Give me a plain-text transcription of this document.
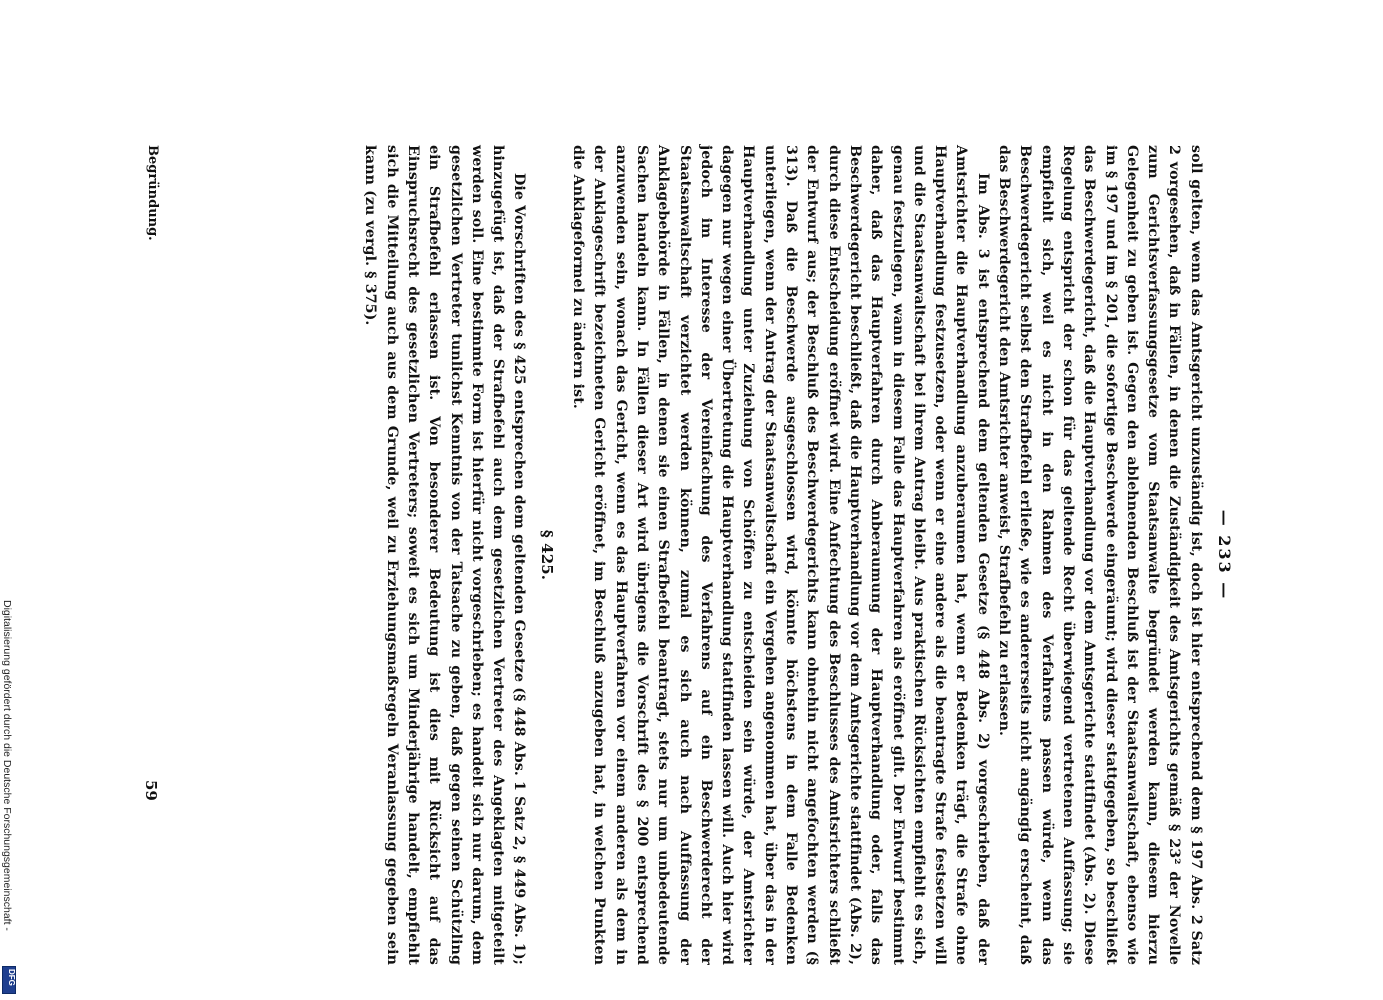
Digitalisierung gefördert durch die Deutsche Forschungsgemeinschaft -
DFG
— 233 —

soll gelten, wenn das Amtsgericht unzuständig ist, doch ist hier entsprechend dem § 197 Abs. 2 Satz 2 vorgesehen, daß in Fällen, in denen die Zuständigkeit des Amtsgerichts gemäß § 23² der Novelle zum Gerichtsverfassungsgesetze vom Staatsanwalte begründet werden kann, diesem hierzu Gelegenheit zu geben ist. Gegen den ablehnenden Beschluß ist der Staatsanwaltschaft, ebenso wie im § 197 und im § 201, die sofortige Beschwerde eingeräumt; wird dieser stattgegeben, so beschließt das Beschwerdegericht, daß die Hauptverhandlung vor dem Amtsgerichte stattfindet (Abs. 2). Diese Regelung entspricht der schon für das geltende Recht überwiegend vertretenen Auffassung; sie empfiehlt sich, weil es nicht in den Rahmen des Verfahrens passen würde, wenn das Beschwerdegericht selbst den Strafbefehl erließe, wie es andererseits nicht angängig erscheint, daß das Beschwerdegericht den Amtsrichter anweist, Strafbefehl zu erlassen.

Im Abs. 3 ist entsprechend dem geltenden Gesetze (§ 448 Abs. 2) vorgeschrieben, daß der Amtsrichter die Hauptverhandlung anzuberaumen hat, wenn er Bedenken trägt, die Strafe ohne Hauptverhandlung festzusetzen, oder wenn er eine andere als die beantragte Strafe festsetzen will und die Staatsanwaltschaft bei ihrem Antrag bleibt. Aus praktischen Rücksichten empfiehlt es sich, genau festzulegen, wann in diesem Falle das Hauptverfahren als eröffnet gilt. Der Entwurf bestimmt daher, daß das Hauptverfahren durch Anberaumung der Hauptverhandlung oder, falls das Beschwerdegericht beschließt, daß die Hauptverhandlung vor dem Amtsgerichte stattfindet (Abs. 2), durch diese Entscheidung eröffnet wird. Eine Anfechtung des Beschlusses des Amtsrichters schließt der Entwurf aus; der Beschluß des Beschwerdegerichts kann ohnehin nicht angefochten werden (§ 313). Daß die Beschwerde ausgeschlossen wird, könnte höchstens in dem Falle Bedenken unterliegen, wenn der Antrag der Staatsanwaltschaft ein Vergehen angenommen hat, über das in der Hauptverhandlung unter Zuziehung von Schöffen zu entscheiden sein würde, der Amtsrichter dagegen nur wegen einer Übertretung die Hauptverhandlung stattfinden lassen will. Auch hier wird jedoch im Interesse der Vereinfachung des Verfahrens auf ein Beschwerderecht der Staatsanwaltschaft verzichtet werden können, zumal es sich auch nach Auffassung der Anklagebehörde in Fällen, in denen sie einen Strafbefehl beantragt, stets nur um unbedeutende Sachen handeln kann. In Fällen dieser Art wird übrigens die Vorschrift des § 200 entsprechend anzuwenden sein, wonach das Gericht, wenn es das Hauptverfahren vor einem anderen als dem in der Anklageschrift bezeichneten Gericht eröffnet, im Beschluß anzugeben hat, in welchen Punkten die Anklageformel zu ändern ist.

§ 425.

Die Vorschriften des § 425 entsprechen dem geltenden Gesetze (§ 448 Abs. 1 Satz 2, § 449 Abs. 1); hinzugefügt ist, daß der Strafbefehl auch dem gesetzlichen Vertreter des Angeklagten mitgeteilt werden soll. Eine bestimmte Form ist hierfür nicht vorgeschrieben; es handelt sich nur darum, dem gesetzlichen Vertreter tunlichst Kenntnis von der Tatsache zu geben, daß gegen seinen Schützling ein Strafbefehl erlassen ist. Von besonderer Bedeutung ist dies mit Rücksicht auf das Einspruchsrecht des gesetzlichen Vertreters; soweit es sich um Minderjährige handelt, empfiehlt sich die Mitteilung auch aus dem Grunde, weil zu Erziehungsmaßregeln Veranlassung gegeben sein kann (zu vergl. § 375).

Begründung.
59
